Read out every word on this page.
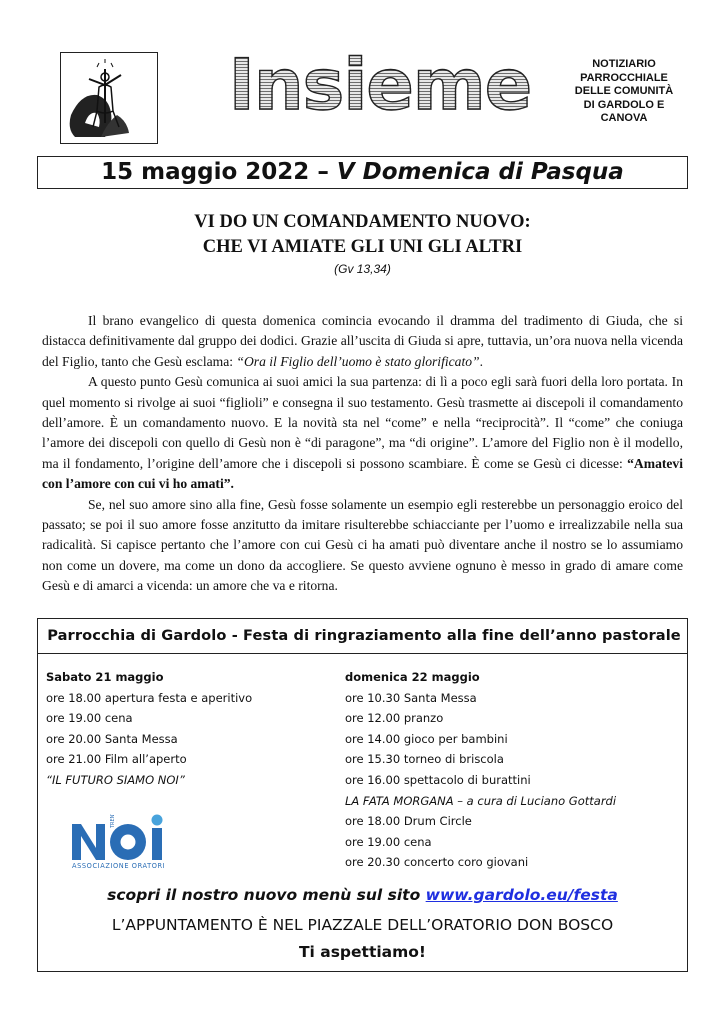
Insieme	NOTIZIARIO
PARROCCHIALE
DELLE COMUNITÀ
DI GARDOLO E
CANOVA
15 maggio 2022 – V Domenica di Pasqua
VI DO UN COMANDAMENTO NUOVO:
CHE VI AMIATE GLI UNI GLI ALTRI
(Gv 13,34)

Il brano evangelico di questa domenica comincia evocando il dramma del tradimento di Giuda, che si distacca definitivamente dal gruppo dei dodici. Grazie all’uscita di Giuda si apre, tuttavia, un’ora nuova nella vicenda del Figlio, tanto che Gesù esclama: “Ora il Figlio dell’uomo è stato glorificato”.

A questo punto Gesù comunica ai suoi amici la sua partenza: di lì a poco egli sarà fuori della loro portata. In quel momento si rivolge ai suoi “figlioli” e consegna il suo testamento. Gesù trasmette ai discepoli il comandamento dell’amore. È un comandamento nuovo. E la novità sta nel “come” e nella “reciprocità”. Il “come” che coniuga l’amore dei discepoli con quello di Gesù non è “di paragone”, ma “di origine”. L’amore del Figlio non è il modello, ma il fondamento, l’origine dell’amore che i discepoli si possono scambiare. È come se Gesù ci dicesse: “Amatevi con l’amore con cui vi ho amati”.

Se, nel suo amore sino alla fine, Gesù fosse solamente un esempio egli resterebbe un personaggio eroico del passato; se poi il suo amore fosse anzitutto da imitare risulterebbe schiacciante per l’uomo e irrealizzabile nella sua radicalità. Si capisce pertanto che l’amore con cui Gesù ci ha amati può diventare anche il nostro se lo assumiamo non come un dovere, ma come un dono da accogliere. Se questo avviene ognuno è messo in grado di amare come Gesù e di amarci a vicenda: un amore che va e ritorna.

Parrocchia di Gardolo - Festa di ringraziamento alla fine dell’anno pastorale
Sabato 21 maggio
ore 18.00 apertura festa e aperitivo
ore 19.00 cena
ore 20.00 Santa Messa
ore 21.00 Film all’aperto
“IL FUTURO SIAMO NOI”
domenica 22 maggio
ore 10.30 Santa Messa
ore 12.00 pranzo
ore 14.00 gioco per bambini
ore 15.30 torneo di briscola
ore 16.00 spettacolo di burattini
LA FATA MORGANA – a cura di Luciano Gottardi
ore 18.00 Drum Circle
ore 19.00 cena
ore 20.30 concerto coro giovani
TRENTO
ASSOCIAZIONE ORATORI
scopri il nostro nuovo menù sul sito www.gardolo.eu/festa
L’APPUNTAMENTO È NEL PIAZZALE DELL’ORATORIO DON BOSCO
Ti aspettiamo!
